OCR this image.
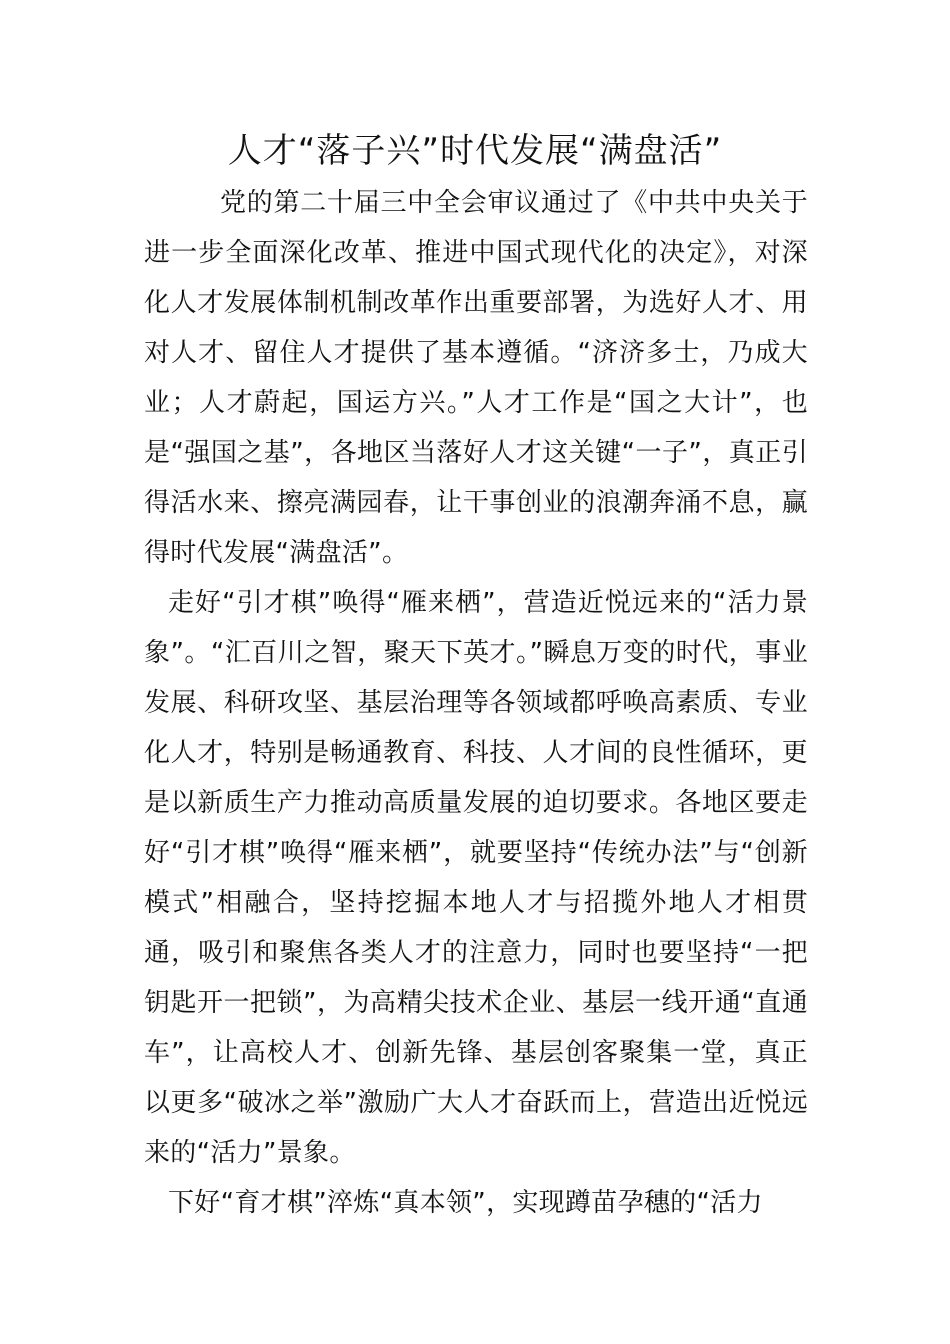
人才“落子兴”时代发展“满盘活”

党的第二十届三中全会审议通过了《中共中央关于进一步全面深化改革、推进中国式现代化的决定》，对深化人才发展体制机制改革作出重要部署，为选好人才、用对人才、留住人才提供了基本遵循。“济济多士，乃成大业；人才蔚起，国运方兴。”人才工作是“国之大计”，也是“强国之基”，各地区当落好人才这关键“一子”，真正引得活水来、擦亮满园春，让干事创业的浪潮奔涌不息，赢得时代发展“满盘活”。

走好“引才棋”唤得“雁来栖”，营造近悦远来的“活力景象”。“汇百川之智，聚天下英才。”瞬息万变的时代，事业发展、科研攻坚、基层治理等各领域都呼唤高素质、专业化人才，特别是畅通教育、科技、人才间的良性循环，更是以新质生产力推动高质量发展的迫切要求。各地区要走好“引才棋”唤得“雁来栖”，就要坚持“传统办法”与“创新模式”相融合，坚持挖掘本地人才与招揽外地人才相贯通，吸引和聚焦各类人才的注意力，同时也要坚持“一把钥匙开一把锁”，为高精尖技术企业、基层一线开通“直通车”，让高校人才、创新先锋、基层创客聚集一堂，真正以更多“破冰之举”激励广大人才奋跃而上，营造出近悦远来的“活力”景象。

下好“育才棋”淬炼“真本领”，实现蹲苗孕穗的“活力
